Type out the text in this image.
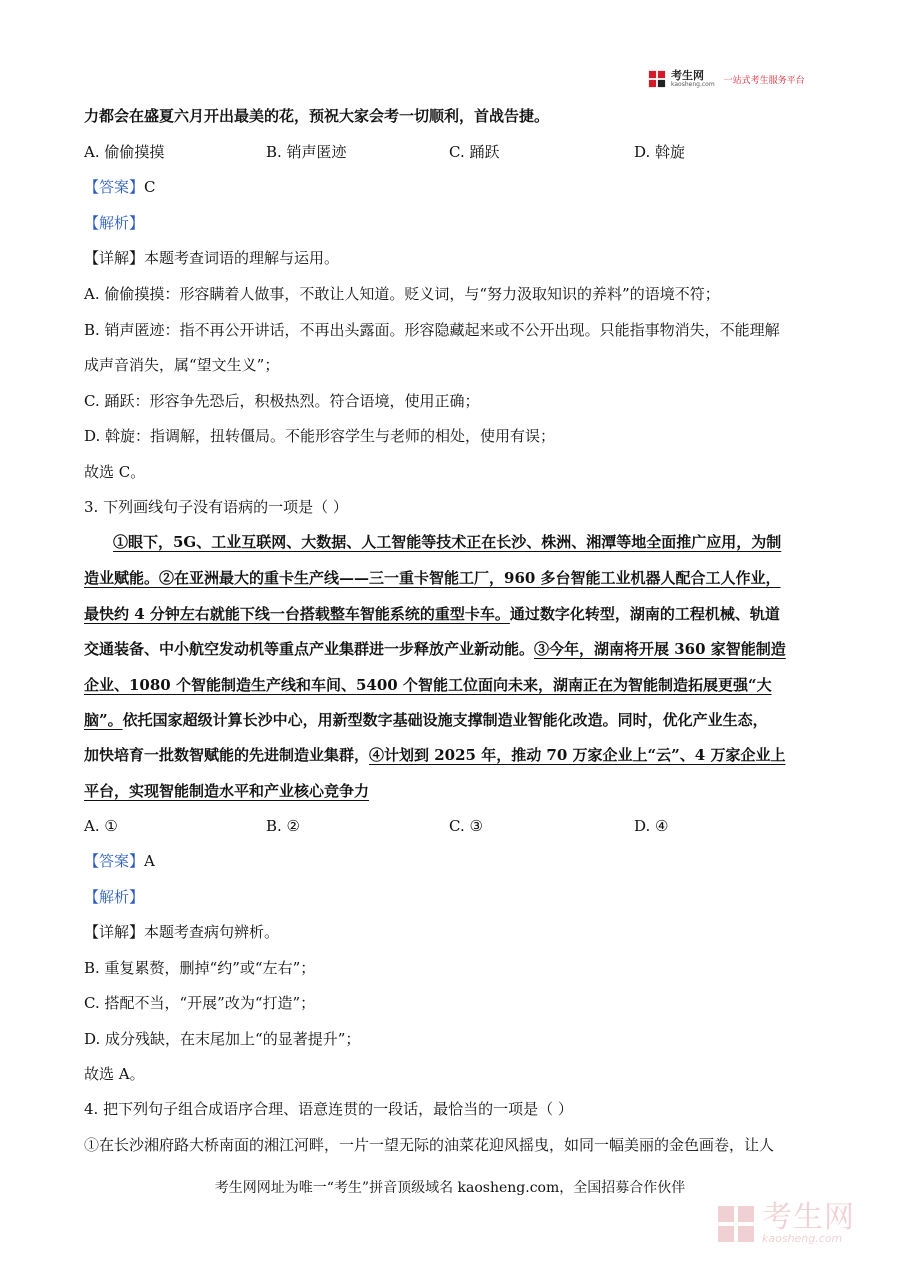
考生网
kaosheng.com 一站式考生服务平台
力都会在盛夏六月开出最美的花，预祝大家会考一切顺利，首战告捷。
A. 偷偷摸摸	B. 销声匿迹	C. 踊跃	D. 斡旋
【答案】C
【解析】
【详解】本题考查词语的理解与运用。
A. 偷偷摸摸：形容瞒着人做事，不敢让人知道。贬义词，与“努力汲取知识的养料”的语境不符；
B. 销声匿迹：指不再公开讲话，不再出头露面。形容隐藏起来或不公开出现。只能指事物消失，不能理解
成声音消失，属“望文生义”；
C. 踊跃：形容争先恐后，积极热烈。符合语境，使用正确；
D. 斡旋：指调解，扭转僵局。不能形容学生与老师的相处，使用有误；
故选 C。
3. 下列画线句子没有语病的一项是（ ）
①眼下，5G、工业互联网、大数据、人工智能等技术正在长沙、株洲、湘潭等地全面推广应用，为制
造业赋能。②在亚洲最大的重卡生产线——三一重卡智能工厂，960 多台智能工业机器人配合工人作业，
最快约 4 分钟左右就能下线一台搭载整车智能系统的重型卡车。通过数字化转型，湖南的工程机械、轨道
交通装备、中小航空发动机等重点产业集群进一步释放产业新动能。③今年，湖南将开展 360 家智能制造
企业、1080 个智能制造生产线和车间、5400 个智能工位面向未来，湖南正在为智能制造拓展更强“大
脑”。依托国家超级计算长沙中心，用新型数字基础设施支撑制造业智能化改造。同时，优化产业生态，
加快培育一批数智赋能的先进制造业集群，④计划到 2025 年，推动 70 万家企业上“云”、4 万家企业上
平台，实现智能制造水平和产业核心竞争力
A. ①	B. ②	C. ③	D. ④
【答案】A
【解析】
【详解】本题考查病句辨析。
B. 重复累赘，删掉“约”或“左右”；
C. 搭配不当，“开展”改为“打造”；
D. 成分残缺，在末尾加上“的显著提升”；
故选 A。
4. 把下列句子组合成语序合理、语意连贯的一段话，最恰当的一项是（ ）
①在长沙湘府路大桥南面的湘江河畔，一片一望无际的油菜花迎风摇曳，如同一幅美丽的金色画卷，让人
考生网网址为唯一“考生”拼音顶级域名 kaosheng.com，全国招募合作伙伴
考生网
kaosheng.com
